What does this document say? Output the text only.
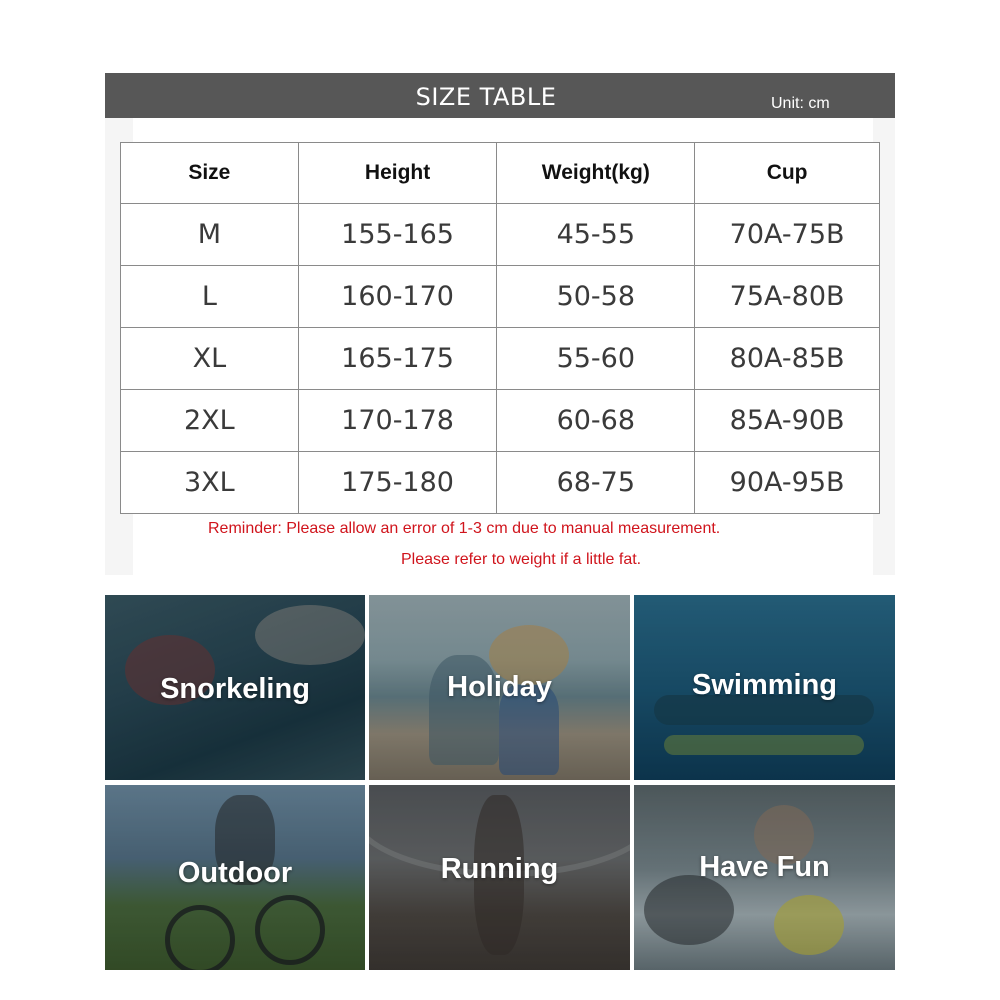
SIZE TABLE	Unit: cm
Size	Height	Weight(kg)	Cup
M	155-165	45-55	70A-75B
L	160-170	50-58	75A-80B
XL	165-175	55-60	80A-85B
2XL	170-178	60-68	85A-90B
3XL	175-180	68-75	90A-95B
Reminder: Please allow an error of 1-3 cm due to manual measurement.
Please refer to weight if a little fat.
Snorkeling	Holiday	Swimming
Outdoor	Running	Have Fun
